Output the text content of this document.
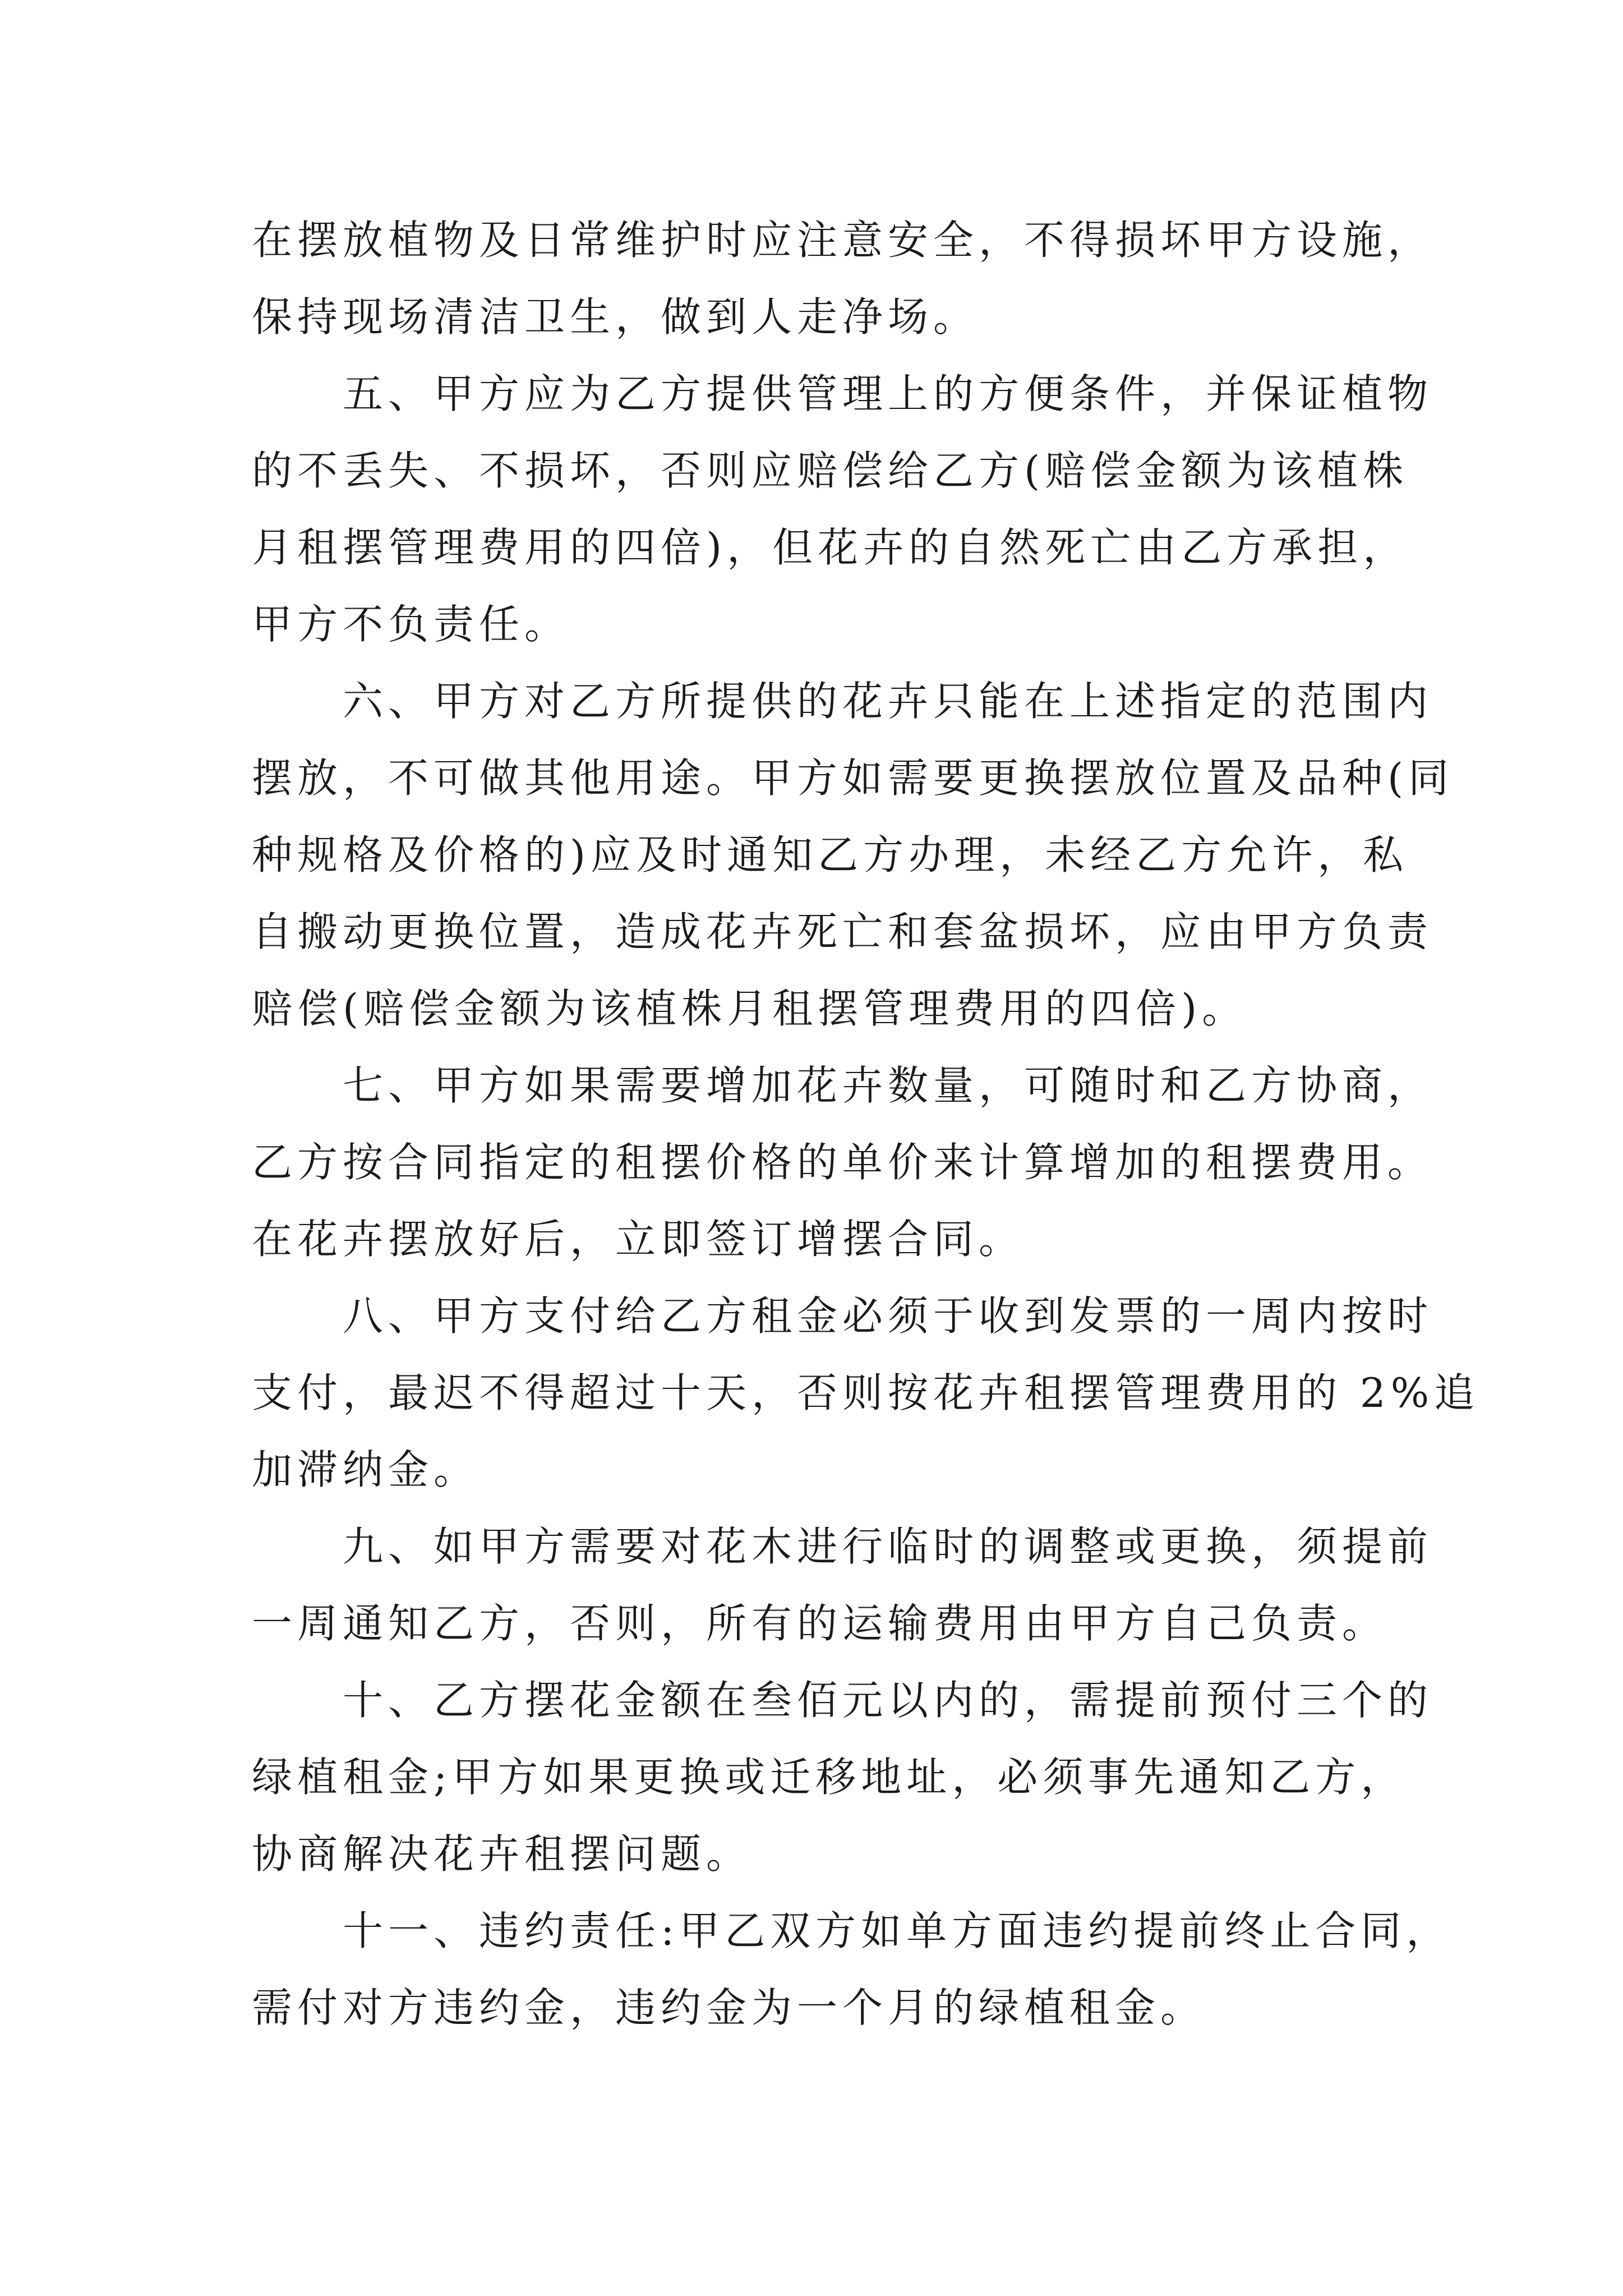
在摆放植物及日常维护时应注意安全，不得损坏甲方设施，
保持现场清洁卫生，做到人走净场。
五、甲方应为乙方提供管理上的方便条件，并保证植物
的不丢失、不损坏，否则应赔偿给乙方(赔偿金额为该植株
月租摆管理费用的四倍)，但花卉的自然死亡由乙方承担，
甲方不负责任。
六、甲方对乙方所提供的花卉只能在上述指定的范围内
摆放，不可做其他用途。甲方如需要更换摆放位置及品种(同
种规格及价格的)应及时通知乙方办理，未经乙方允许，私
自搬动更换位置，造成花卉死亡和套盆损坏，应由甲方负责
赔偿(赔偿金额为该植株月租摆管理费用的四倍)。
七、甲方如果需要增加花卉数量，可随时和乙方协商，
乙方按合同指定的租摆价格的单价来计算增加的租摆费用。
在花卉摆放好后，立即签订增摆合同。
八、甲方支付给乙方租金必须于收到发票的一周内按时
支付，最迟不得超过十天，否则按花卉租摆管理费用的 2%追
加滞纳金。
九、如甲方需要对花木进行临时的调整或更换，须提前
一周通知乙方，否则，所有的运输费用由甲方自己负责。
十、乙方摆花金额在叁佰元以内的，需提前预付三个的
绿植租金;甲方如果更换或迁移地址，必须事先通知乙方，
协商解决花卉租摆问题。
十一、违约责任:甲乙双方如单方面违约提前终止合同，
需付对方违约金，违约金为一个月的绿植租金。
